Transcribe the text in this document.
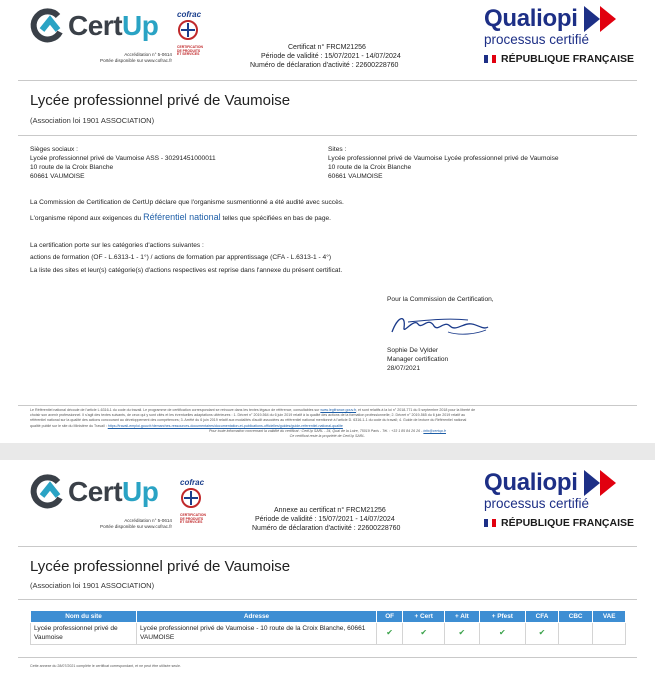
CertUp
Accréditation n° 5-0614
Portée disponible sur www.cofrac.fr
cofrac
CERTIFICATION
DE PRODUITS
ET SERVICES
Qualiopi
processus certifié
RÉPUBLIQUE FRANÇAISE
Certificat n° FRCM21256
Période de validité : 15/07/2021 - 14/07/2024
Numéro de déclaration d'activité : 22600228760
Lycée professionnel privé de Vaumoise
(Association loi 1901 ASSOCIATION)
Sièges sociaux :
Lycée professionnel privé de Vaumoise ASS - 30291451000011
10 route de la Croix Blanche
60661 VAUMOISE
Sites :
Lycée professionnel privé de Vaumoise Lycée professionnel privé de Vaumoise
10 route de la Croix Blanche
60661 VAUMOISE
La Commission de Certification de CertUp déclare que l'organisme susmentionné a été audité avec succès.
L'organisme répond aux exigences du Référentiel national telles que spécifiées en bas de page.
La certification porte sur les catégories d'actions suivantes :
actions de formation (OF - L.6313-1 - 1°) / actions de formation par apprentissage (CFA - L.6313-1 - 4°)
La liste des sites et leur(s) catégorie(s) d'actions respectives est reprise dans l'annexe du présent certificat.
Pour la Commission de Certification,
Sophie De Vylder
Manager certification
28/07/2021
Le Référentiel national découle de l'article L.6316-1 du code du travail. Le programme de certification correspondant se retrouve dans les textes légaux de référence, consultables sur www.legifrance.gouv.fr, et sont relatifs à la loi n° 2018-771 du 5 septembre 2018 pour la liberté de
choisir son avenir professionnel. Il s'agit des textes suivants, de ceux qui y sont cités et les éventuelles adaptations ultérieures : 1. Décret n° 2019-564 du 6 juin 2019 relatif à la qualité des actions de la formation professionnelle; 2. Décret n° 2019-565 du 6 juin 2019 relatif au
référentiel national sur la qualité des actions concourant au développement des compétences; 3. Arrêté du 6 juin 2019 relatif aux modalités d'audit associées au référentiel national mentionné à l'article D. 6316-1-1 du code du travail; 4. Guide de lecture du Référentiel national
qualité publié sur le site du Ministère du Travail : https://travail-emploi.gouv.fr/demarches-ressources-documentaires/documentation-et-publications-officielles/guides/guide-referentiel-national-qualite
Pour toute information concernant la validité du certificat : CertUp SARL - 34, Quai de la Loire, 75019 Paris - Tél. : +33 1 85 84 26 26 - info@certup.fr
Ce certificat reste la propriété de CertUp SARL.
CertUp
Accréditation n° 5-0614
Portée disponible sur www.cofrac.fr
cofrac
CERTIFICATION
DE PRODUITS
ET SERVICES
Qualiopi
processus certifié
RÉPUBLIQUE FRANÇAISE
Annexe au certificat n° FRCM21256
Période de validité : 15/07/2021 - 14/07/2024
Numéro de déclaration d'activité : 22600228760
Lycée professionnel privé de Vaumoise
(Association loi 1901 ASSOCIATION)
Nom du site	Adresse	OF	+ Cert	+ Alt	+ Pfest	CFA	CBC	VAE
Lycée professionnel privé de Vaumoise	Lycée professionnel privé de Vaumoise - 10 route de la Croix Blanche, 60661 VAUMOISE	✔	✔	✔	✔	✔		
Cette annexe du 28/07/2021 complète le certificat correspondant, et ne peut être utilisée seule.
